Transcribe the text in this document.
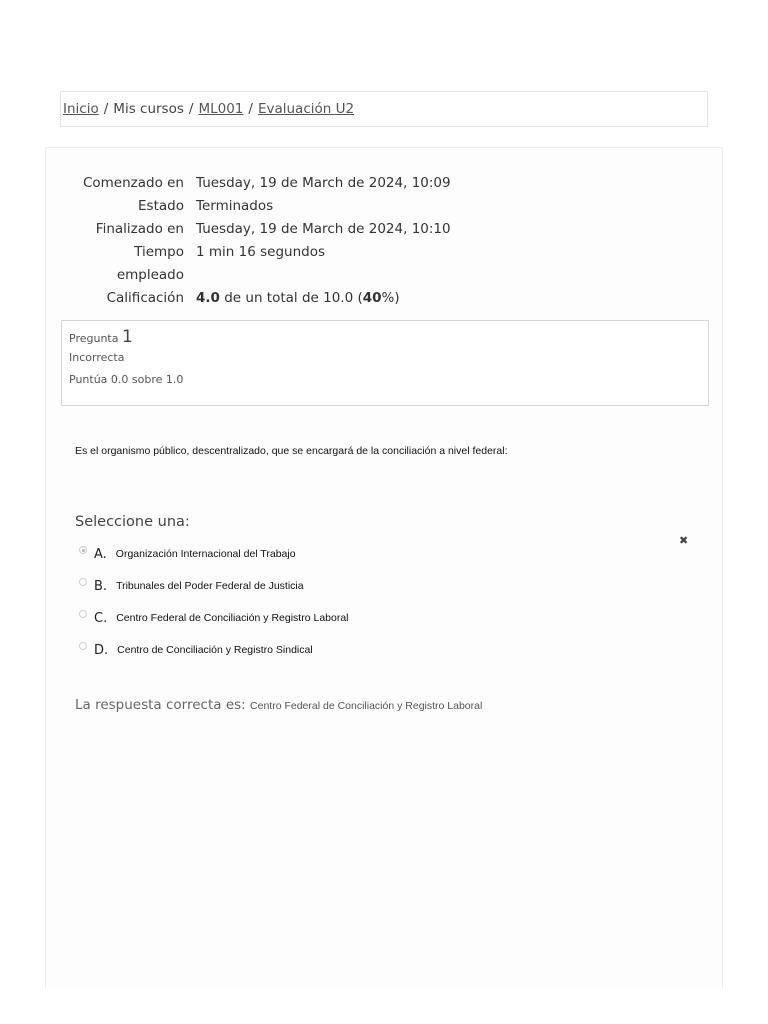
Inicio / Mis cursos / ML001 / Evaluación U2
Comenzado en Tuesday, 19 de March de 2024, 10:09
Estado Terminados
Finalizado en Tuesday, 19 de March de 2024, 10:10
Tiempo
empleado
1 min 16 segundos
Calificación 4.0 de un total de 10.0 (40%)
Pregunta 1
Incorrecta
Puntúa 0.0 sobre 1.0
Es el organismo público, descentralizado, que se encargará de la conciliación a nivel federal:
Seleccione una:
✖
A. Organización Internacional del Trabajo
B. Tribunales del Poder Federal de Justicia
C. Centro Federal de Conciliación y Registro Laboral
D. Centro de Conciliación y Registro Sindical
La respuesta correcta es: Centro Federal de Conciliación y Registro Laboral
